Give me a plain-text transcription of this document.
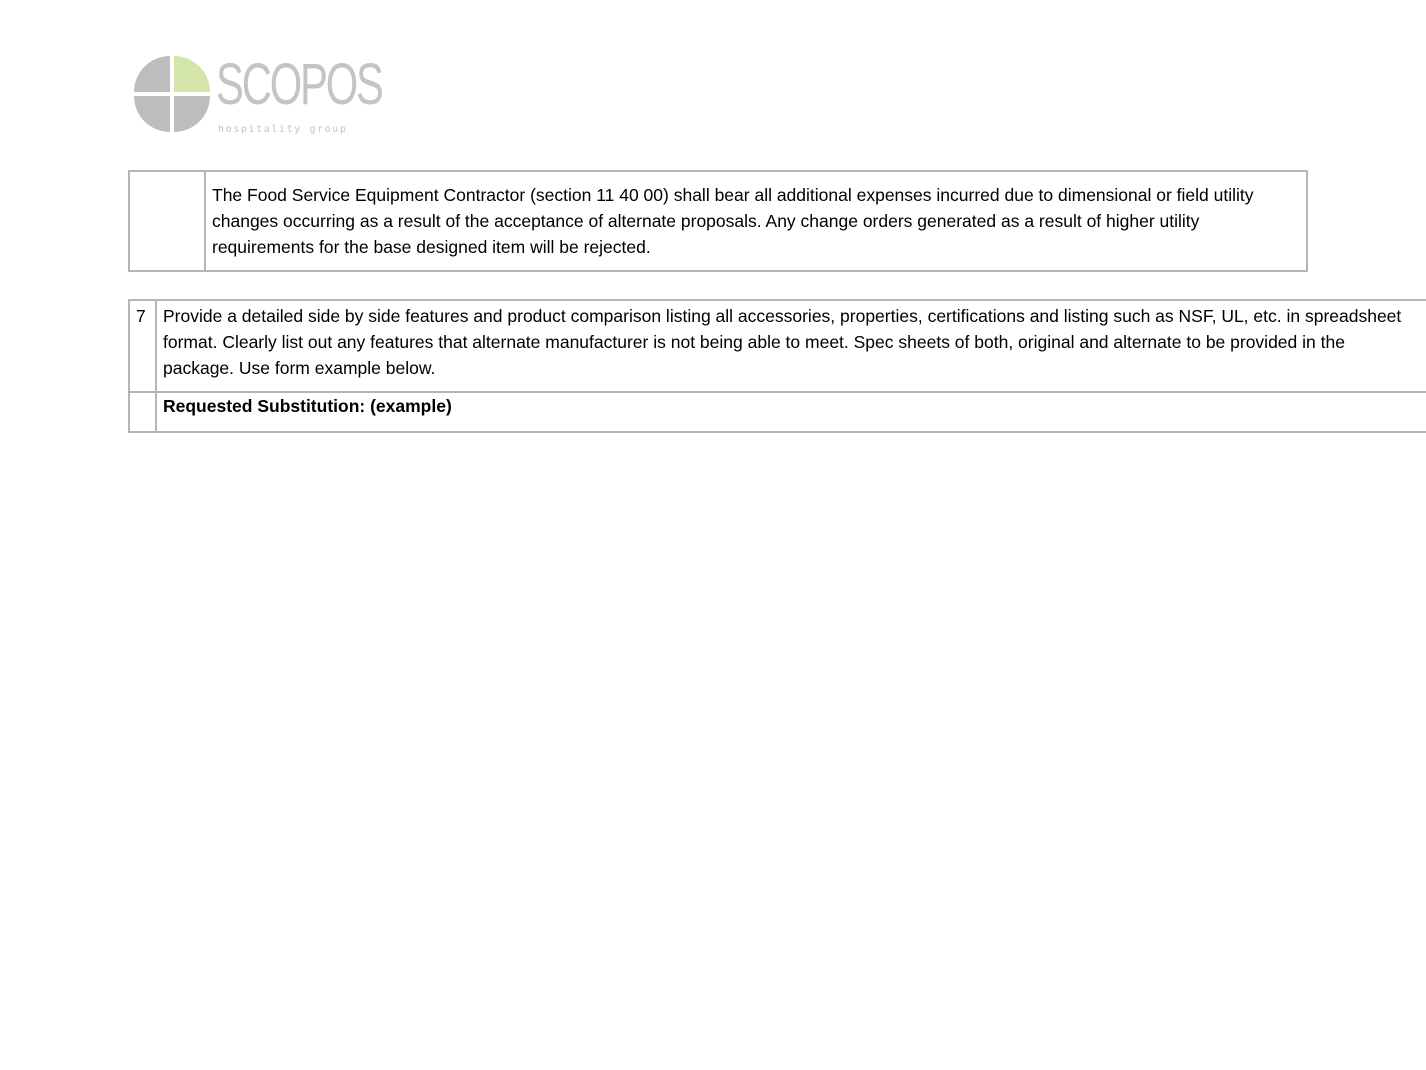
SCOPOS
hospitality group
	The Food Service Equipment Contractor (section 11 40 00) shall bear all additional expenses incurred due to dimensional or field utility changes occurring as a result of the acceptance of alternate proposals. Any change orders generated as a result of higher utility requirements for the base designed item will be rejected.
7	Provide a detailed side by side features and product comparison listing all accessories, properties, certifications and listing such as NSF, UL, etc. in spreadsheet
format. Clearly list out any features that alternate manufacturer is not being able to meet. Spec sheets of both, original and alternate to be provided in the
package. Use form example below.

	Requested Substitution: (example)
